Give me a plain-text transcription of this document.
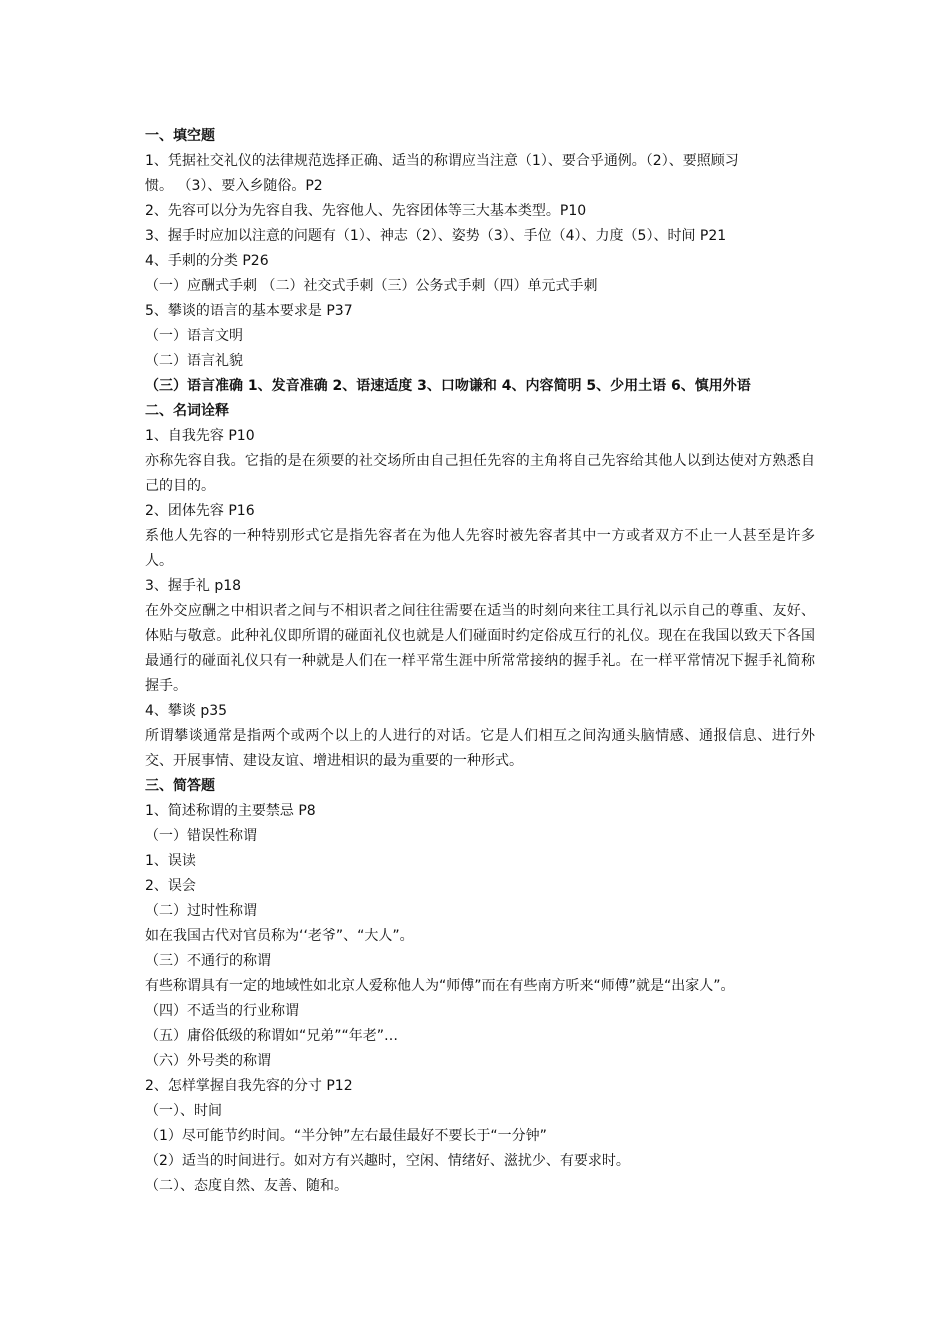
一、填空题
1、凭据社交礼仪的法律规范选择正确、适当的称谓应当注意（1）、要合乎通例。（2）、要照顾习
惯。 （3）、要入乡随俗。P2
2、先容可以分为先容自我、先容他人、先容团体等三大基本类型。P10
3、握手时应加以注意的问题有（1）、神志（2）、姿势（3）、手位（4）、力度（5）、时间 P21
4、手刺的分类 P26
（一）应酬式手刺 （二）社交式手刺（三）公务式手刺（四）单元式手刺
5、攀谈的语言的基本要求是 P37
（一）语言文明
（二）语言礼貌
（三）语言准确 1、发音准确 2、语速适度 3、口吻谦和 4、内容简明 5、少用土语 6、慎用外语
二、名词诠释
1、自我先容 P10
亦称先容自我。它指的是在须要的社交场所由自己担任先容的主角将自己先容给其他人以到达使对方熟悉自己的目的。
2、团体先容 P16
系他人先容的一种特别形式它是指先容者在为他人先容时被先容者其中一方或者双方不止一人甚至是许多人。
3、握手礼 p18
在外交应酬之中相识者之间与不相识者之间往往需要在适当的时刻向来往工具行礼以示自己的尊重、友好、体贴与敬意。此种礼仪即所谓的碰面礼仪也就是人们碰面时约定俗成互行的礼仪。现在在我国以致天下各国最通行的碰面礼仪只有一种就是人们在一样平常生涯中所常常接纳的握手礼。在一样平常情况下握手礼简称握手。
4、攀谈 p35
所谓攀谈通常是指两个或两个以上的人进行的对话。它是人们相互之间沟通头脑情感、通报信息、进行外交、开展事情、建设友谊、增进相识的最为重要的一种形式。
三、简答题
1、简述称谓的主要禁忌 P8
（一）错误性称谓
1、误读
2、误会
（二）过时性称谓
如在我国古代对官员称为‘‘老爷”、“大人”。
（三）不通行的称谓
有些称谓具有一定的地域性如北京人爱称他人为“师傅”而在有些南方听来“师傅”就是“出家人”。
（四）不适当的行业称谓
（五）庸俗低级的称谓如“兄弟”“年老”…
（六）外号类的称谓
2、怎样掌握自我先容的分寸 P12
（一）、时间
（1）尽可能节约时间。“半分钟”左右最佳最好不要长于“一分钟”
（2）适当的时间进行。如对方有兴趣时，空闲、情绪好、滋扰少、有要求时。
（二）、态度自然、友善、随和。
